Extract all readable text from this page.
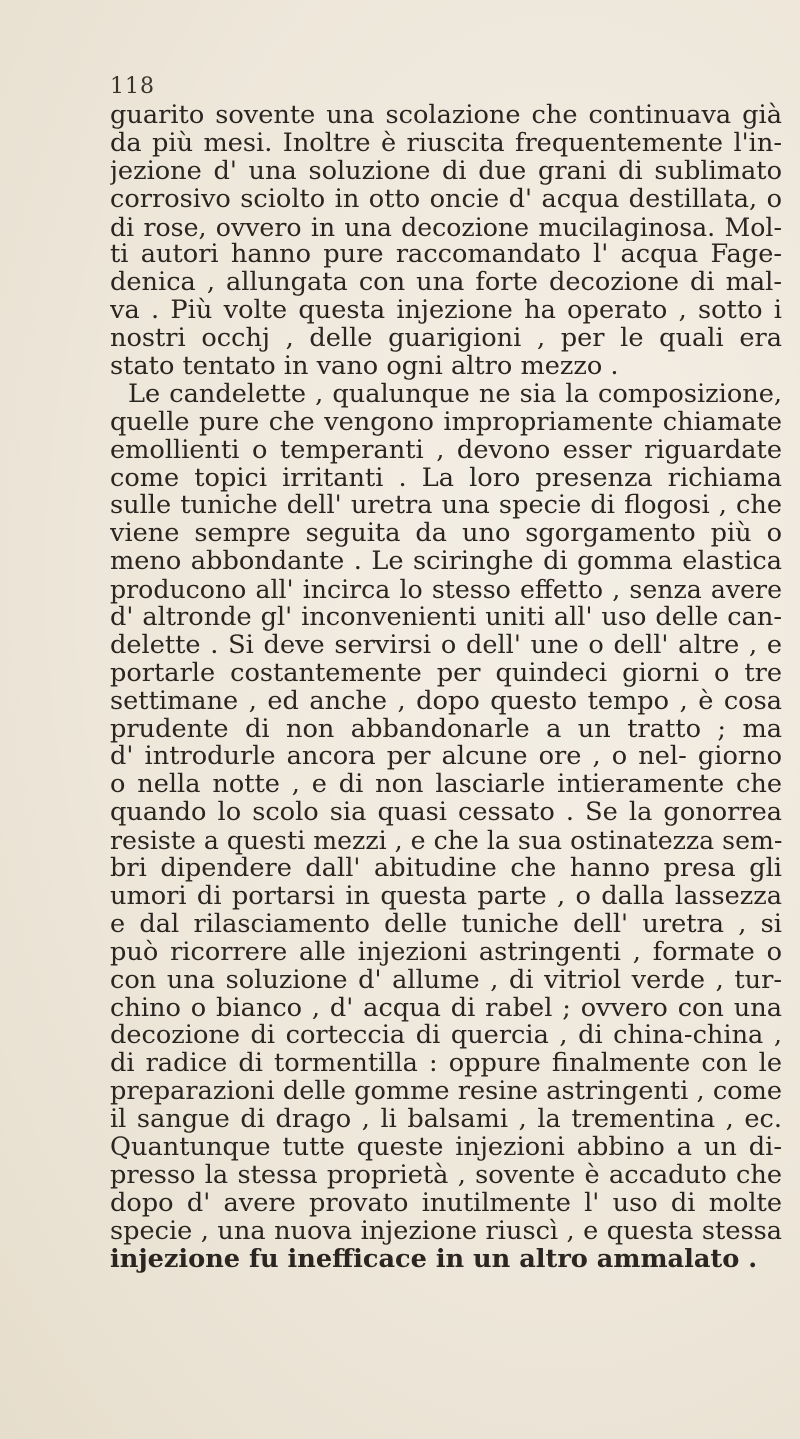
118
guarito sovente una scolazione che continuava già
da più mesi. Inoltre è riuscita frequentemente l'in-
jezione d' una soluzione di due grani di sublimato
corrosivo sciolto in otto oncie d' acqua destillata, o
di rose, ovvero in una decozione mucilaginosa. Mol-
ti autori hanno pure raccomandato l' acqua Fage-
denica , allungata con una forte decozione di mal-
va . Più volte questa injezione ha operato , sotto i
nostri occhj , delle guarigioni , per le quali era
stato tentato in vano ogni altro mezzo .
Le candelette , qualunque ne sia la composizione,
quelle pure che vengono impropriamente chiamate
emollienti o temperanti , devono esser riguardate
come topici irritanti . La loro presenza richiama
sulle tuniche dell' uretra una specie di flogosi , che
viene sempre seguita da uno sgorgamento più o
meno abbondante . Le sciringhe di gomma elastica
producono all' incirca lo stesso effetto , senza avere
d' altronde gl' inconvenienti uniti all' uso delle can-
delette . Si deve servirsi o dell' une o dell' altre , e
portarle costantemente per quindeci giorni o tre
settimane , ed anche , dopo questo tempo , è cosa
prudente di non abbandonarle a un tratto ; ma
d' introdurle ancora per alcune ore , o nel- giorno
o nella notte , e di non lasciarle intieramente che
quando lo scolo sia quasi cessato . Se la gonorrea
resiste a questi mezzi , e che la sua ostinatezza sem-
bri dipendere dall' abitudine che hanno presa gli
umori di portarsi in questa parte , o dalla lassezza
e dal rilasciamento delle tuniche dell' uretra , si
può ricorrere alle injezioni astringenti , formate o
con una soluzione d' allume , di vitriol verde , tur-
chino o bianco , d' acqua di rabel ; ovvero con una
decozione di corteccia di quercia , di china-china ,
di radice di tormentilla : oppure finalmente con le
preparazioni delle gomme resine astringenti , come
il sangue di drago , li balsami , la trementina , ec.
Quantunque tutte queste injezioni abbino a un di-
presso la stessa proprietà , sovente è accaduto che
dopo d' avere provato inutilmente l' uso di molte
specie , una nuova injezione riuscì , e questa stessa
injezione fu inefficace in un altro ammalato .
